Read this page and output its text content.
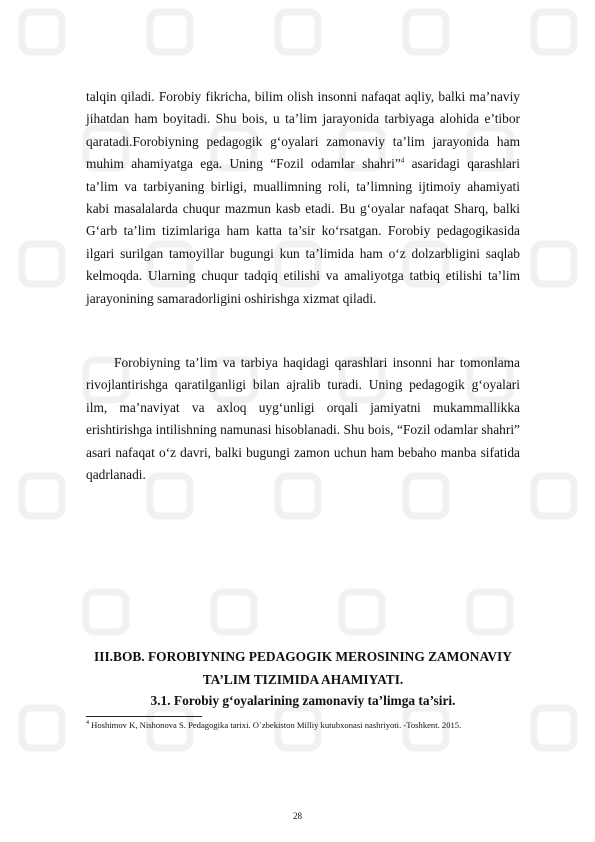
talqin qiladi. Forobiy fikricha, bilim olish insonni nafaqat aqliy, balki ma’naviy jihatdan ham boyitadi. Shu bois, u ta’lim jarayonida tarbiyaga alohida e’tibor qaratadi.Forobiyning pedagogik g‘oyalari zamonaviy ta’lim jarayonida ham muhim ahamiyatga ega. Uning “Fozil odamlar shahri”$^4$ asaridagi qarashlari ta’lim va tarbiyaning birligi, muallimning roli, ta’limning ijtimoiy ahamiyati kabi masalalarda chuqur mazmun kasb etadi. Bu g‘oyalar nafaqat Sharq, balki G‘arb ta’lim tizimlariga ham katta ta’sir ko‘rsatgan. Forobiy pedagogikasida ilgari surilgan tamoyillar bugungi kun ta’limida ham o‘z dolzarbligini saqlab kelmoqda. Ularning chuqur tadqiq etilishi va amaliyotga tatbiq etilishi ta’lim jarayonining samaradorligini oshirishga xizmat qiladi.

Forobiyning ta’lim va tarbiya haqidagi qarashlari insonni har tomonlama rivojlantirishga qaratilganligi bilan ajralib turadi. Uning pedagogik g‘oyalari ilm, ma’naviyat va axloq uyg‘unligi orqali jamiyatni mukammallikka erishtirishga intilishning namunasi hisoblanadi. Shu bois, “Fozil odamlar shahri” asari nafaqat o‘z davri, balki bugungi zamon uchun ham bebaho manba sifatida qadrlanadi.

III.BOB. FOROBIYNING PEDAGOGIK MEROSINING ZAMONAVIY TA’LIM TIZIMIDA AHAMIYATI.
3.1. Forobiy g‘oyalarining zamonaviy ta’limga ta’siri.
$^4$ Hoshimov K, Nishonova S. Pedagogika tarixi. O`zbekiston Milliy kutubxonasi nashriyoti. -Toshkent. 2015.
28
